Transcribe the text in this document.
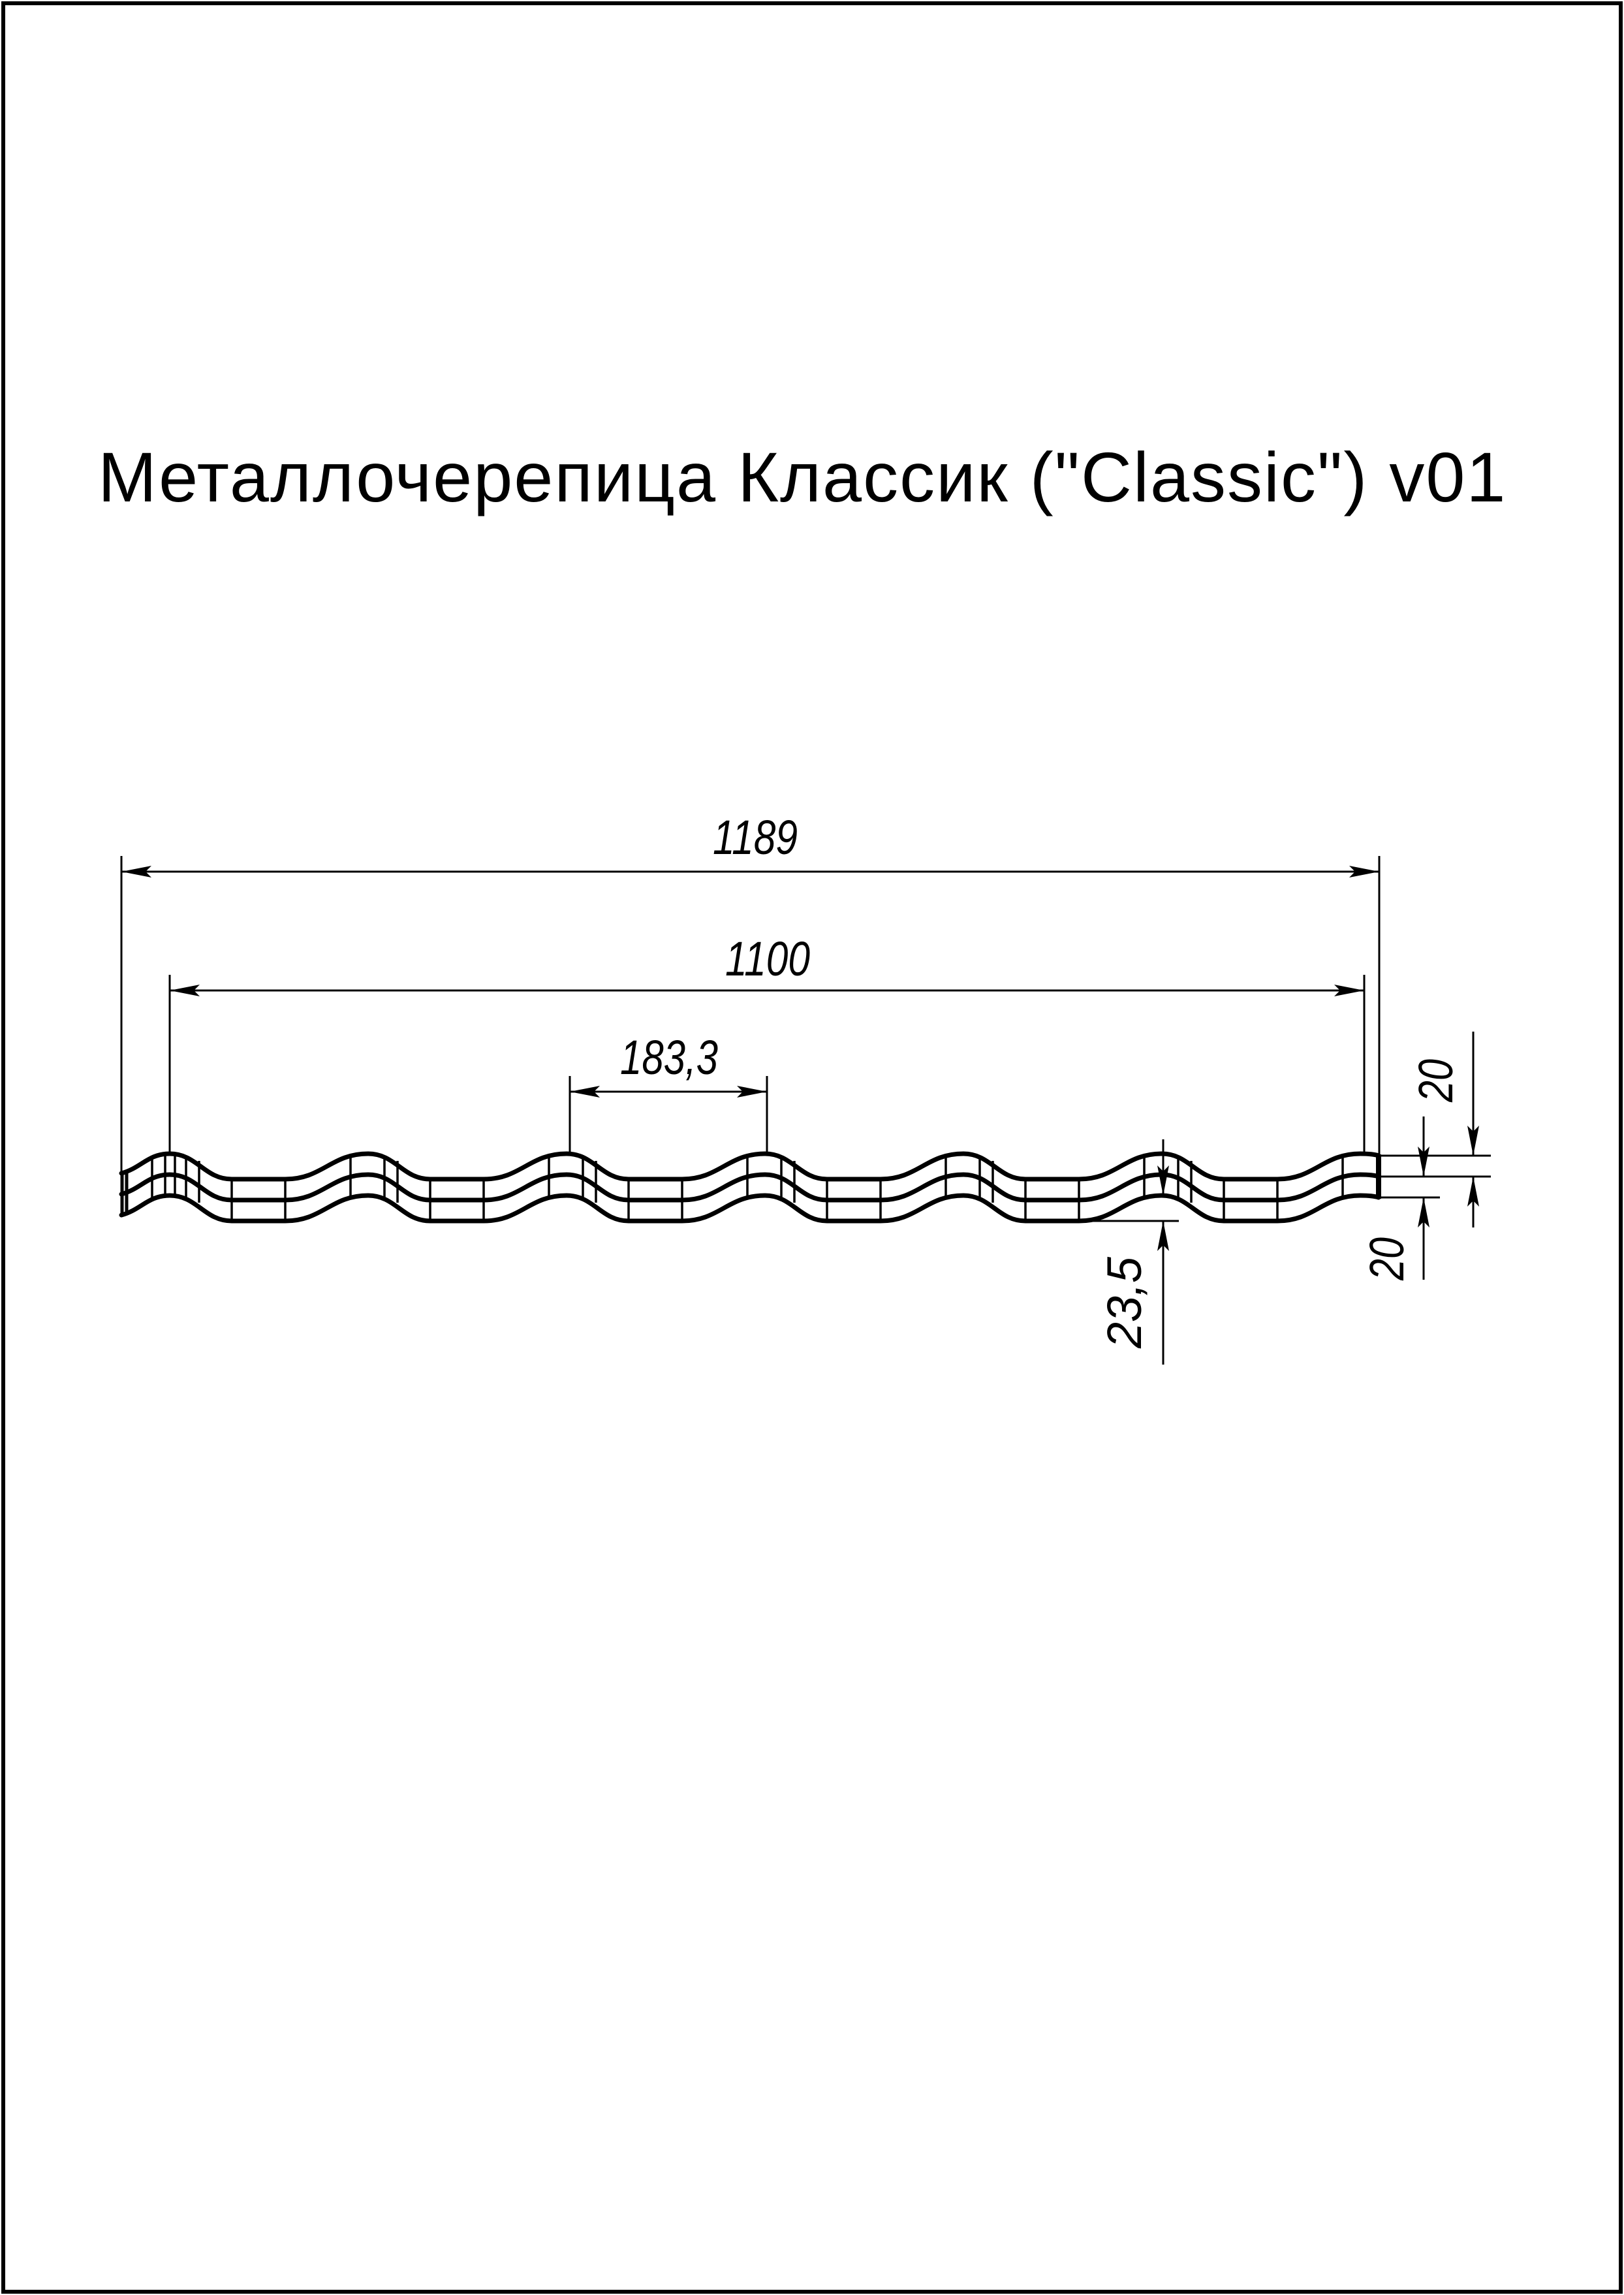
Металлочерепица Классик ("Classic") v01
1189
1100
183,3	20
20
23,5
